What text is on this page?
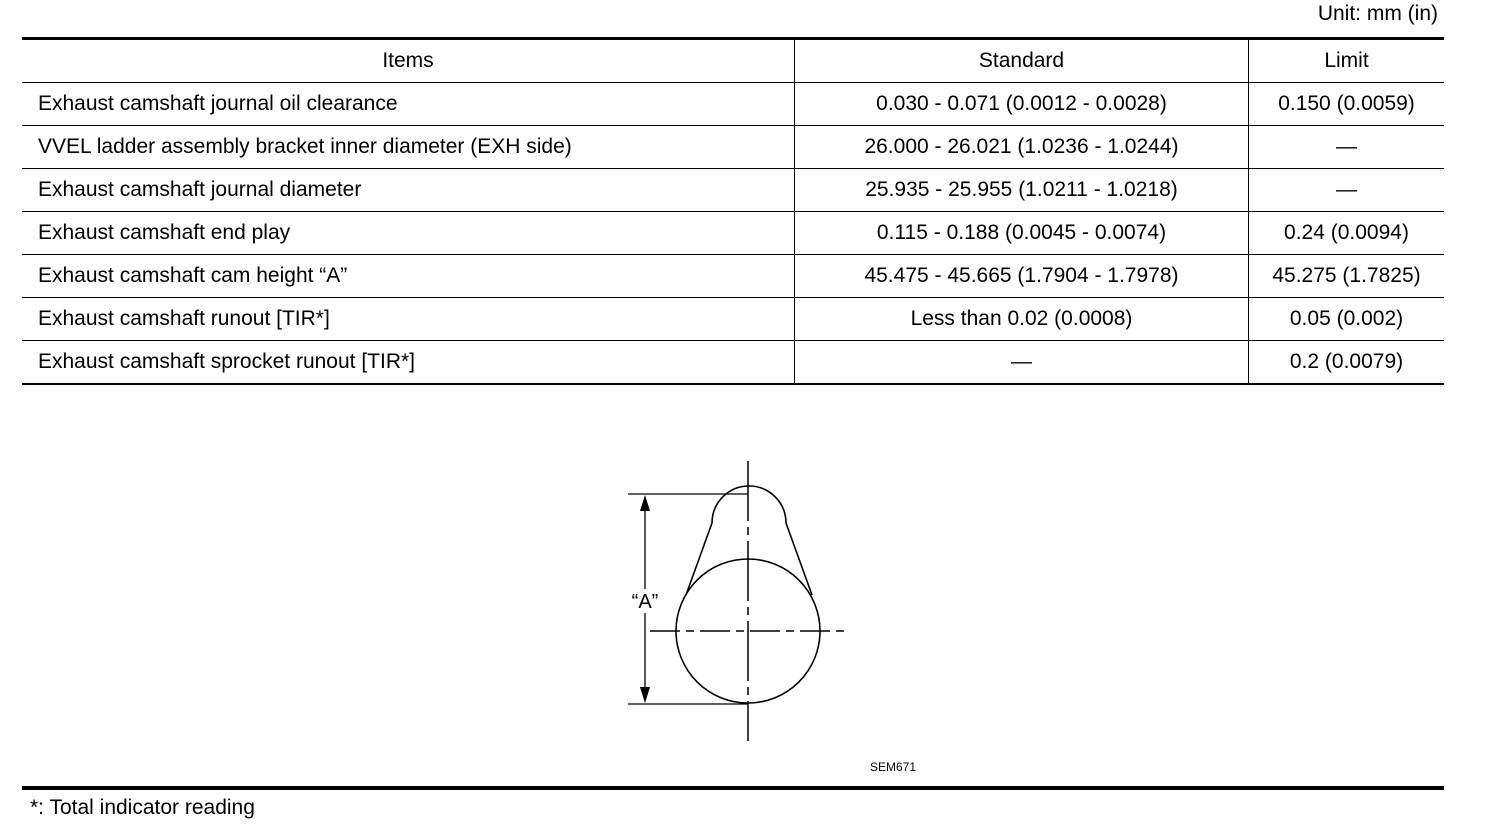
Unit: mm (in)
Items	Standard	Limit
Exhaust camshaft journal oil clearance	0.030 - 0.071 (0.0012 - 0.0028)	0.150 (0.0059)
VVEL ladder assembly bracket inner diameter (EXH side)	26.000 - 26.021 (1.0236 - 1.0244)	—
Exhaust camshaft journal diameter	25.935 - 25.955 (1.0211 - 1.0218)	—
Exhaust camshaft end play	0.115 - 0.188 (0.0045 - 0.0074)	0.24 (0.0094)
Exhaust camshaft cam height “A”	45.475 - 45.665 (1.7904 - 1.7978)	45.275 (1.7825)
Exhaust camshaft runout [TIR*]	Less than 0.02 (0.0008)	0.05 (0.002)
Exhaust camshaft sprocket runout [TIR*]	—	0.2 (0.0079)
“A”
SEM671
*: Total indicator reading
